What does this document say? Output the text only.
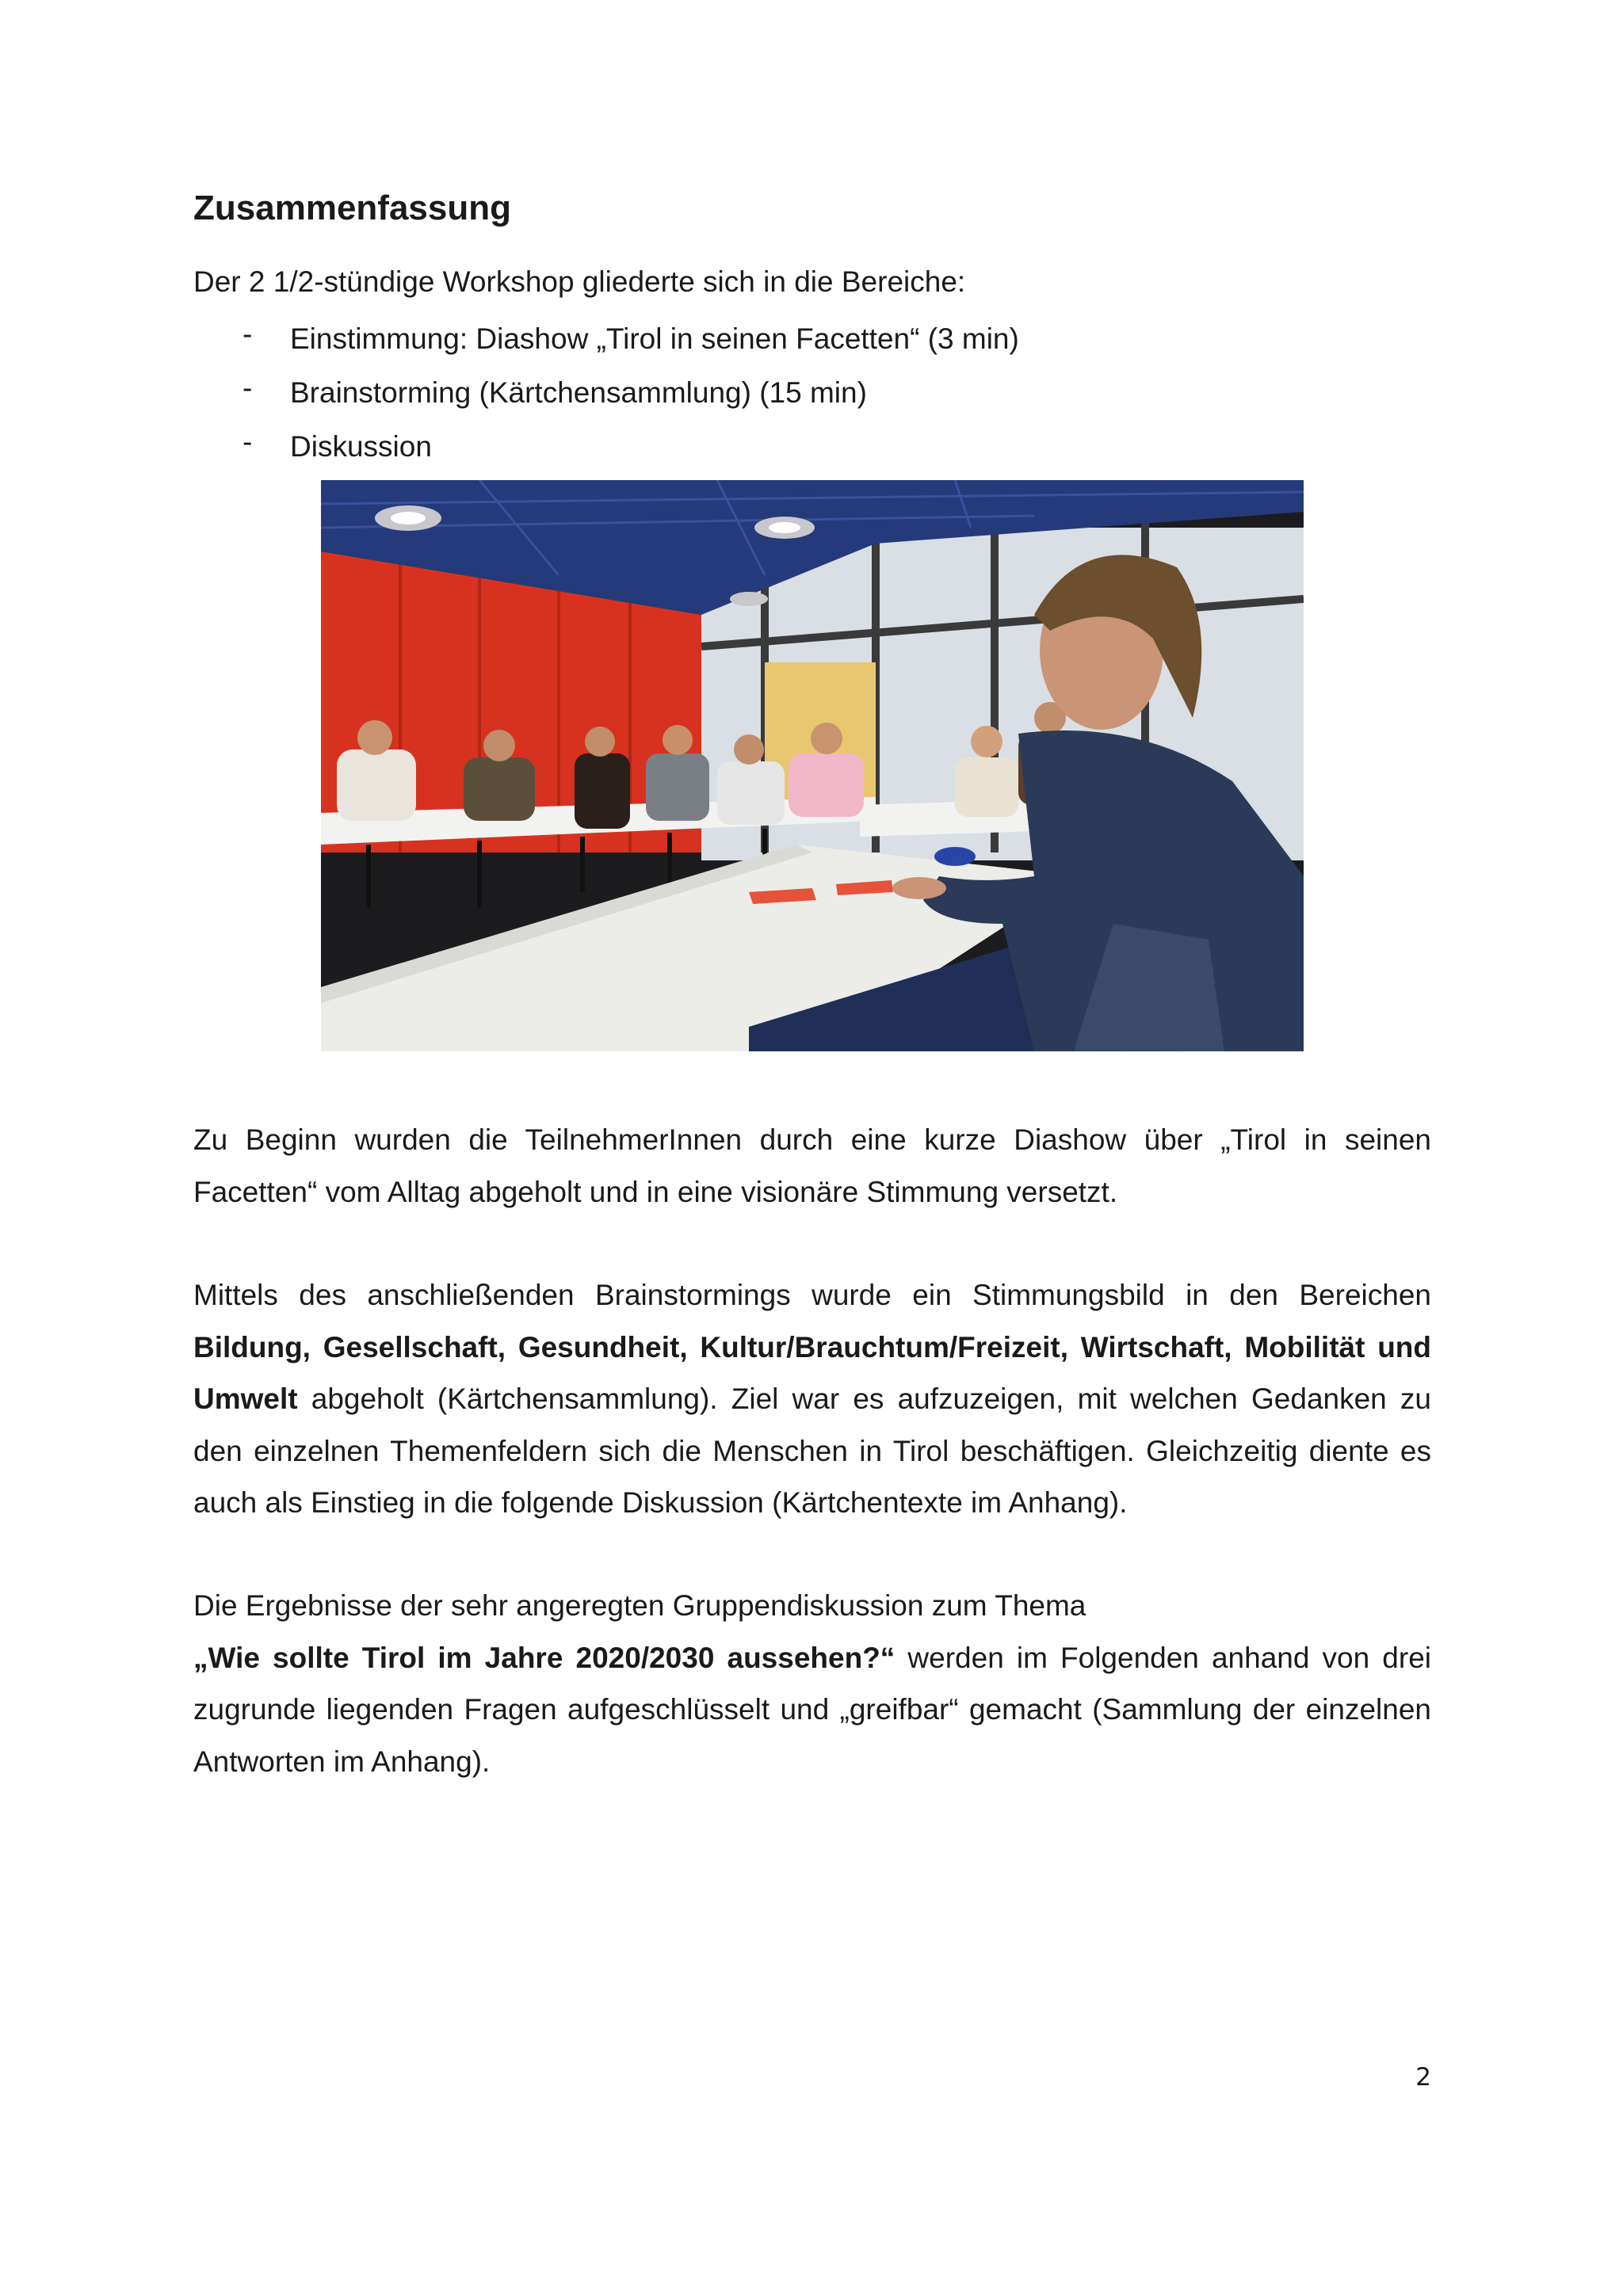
Zusammenfassung

Der 2 1/2-stündige Workshop gliederte sich in die Bereiche:

- Einstimmung: Diashow „Tirol in seinen Facetten“ (3 min)
- Brainstorming (Kärtchensammlung) (15 min)
- Diskussion

Zu Beginn wurden die TeilnehmerInnen durch eine kurze Diashow über „Tirol in seinen Facetten“ vom Alltag abgeholt und in eine visionäre Stimmung versetzt.

Mittels des anschließenden Brainstormings wurde ein Stimmungsbild in den Bereichen Bildung, Gesellschaft, Gesundheit, Kultur/Brauchtum/Freizeit, Wirtschaft, Mobilität und Umwelt abgeholt (Kärtchensammlung). Ziel war es aufzuzeigen, mit welchen Gedanken zu den einzelnen Themenfeldern sich die Menschen in Tirol beschäftigen. Gleichzeitig diente es auch als Einstieg in die folgende Diskussion (Kärtchentexte im Anhang).

Die Ergebnisse der sehr angeregten Gruppendiskussion zum Thema
„Wie sollte Tirol im Jahre 2020/2030 aussehen?“ werden im Folgenden anhand von drei zugrunde liegenden Fragen aufgeschlüsselt und „greifbar“ gemacht (Sammlung der einzelnen Antworten im Anhang).

2
